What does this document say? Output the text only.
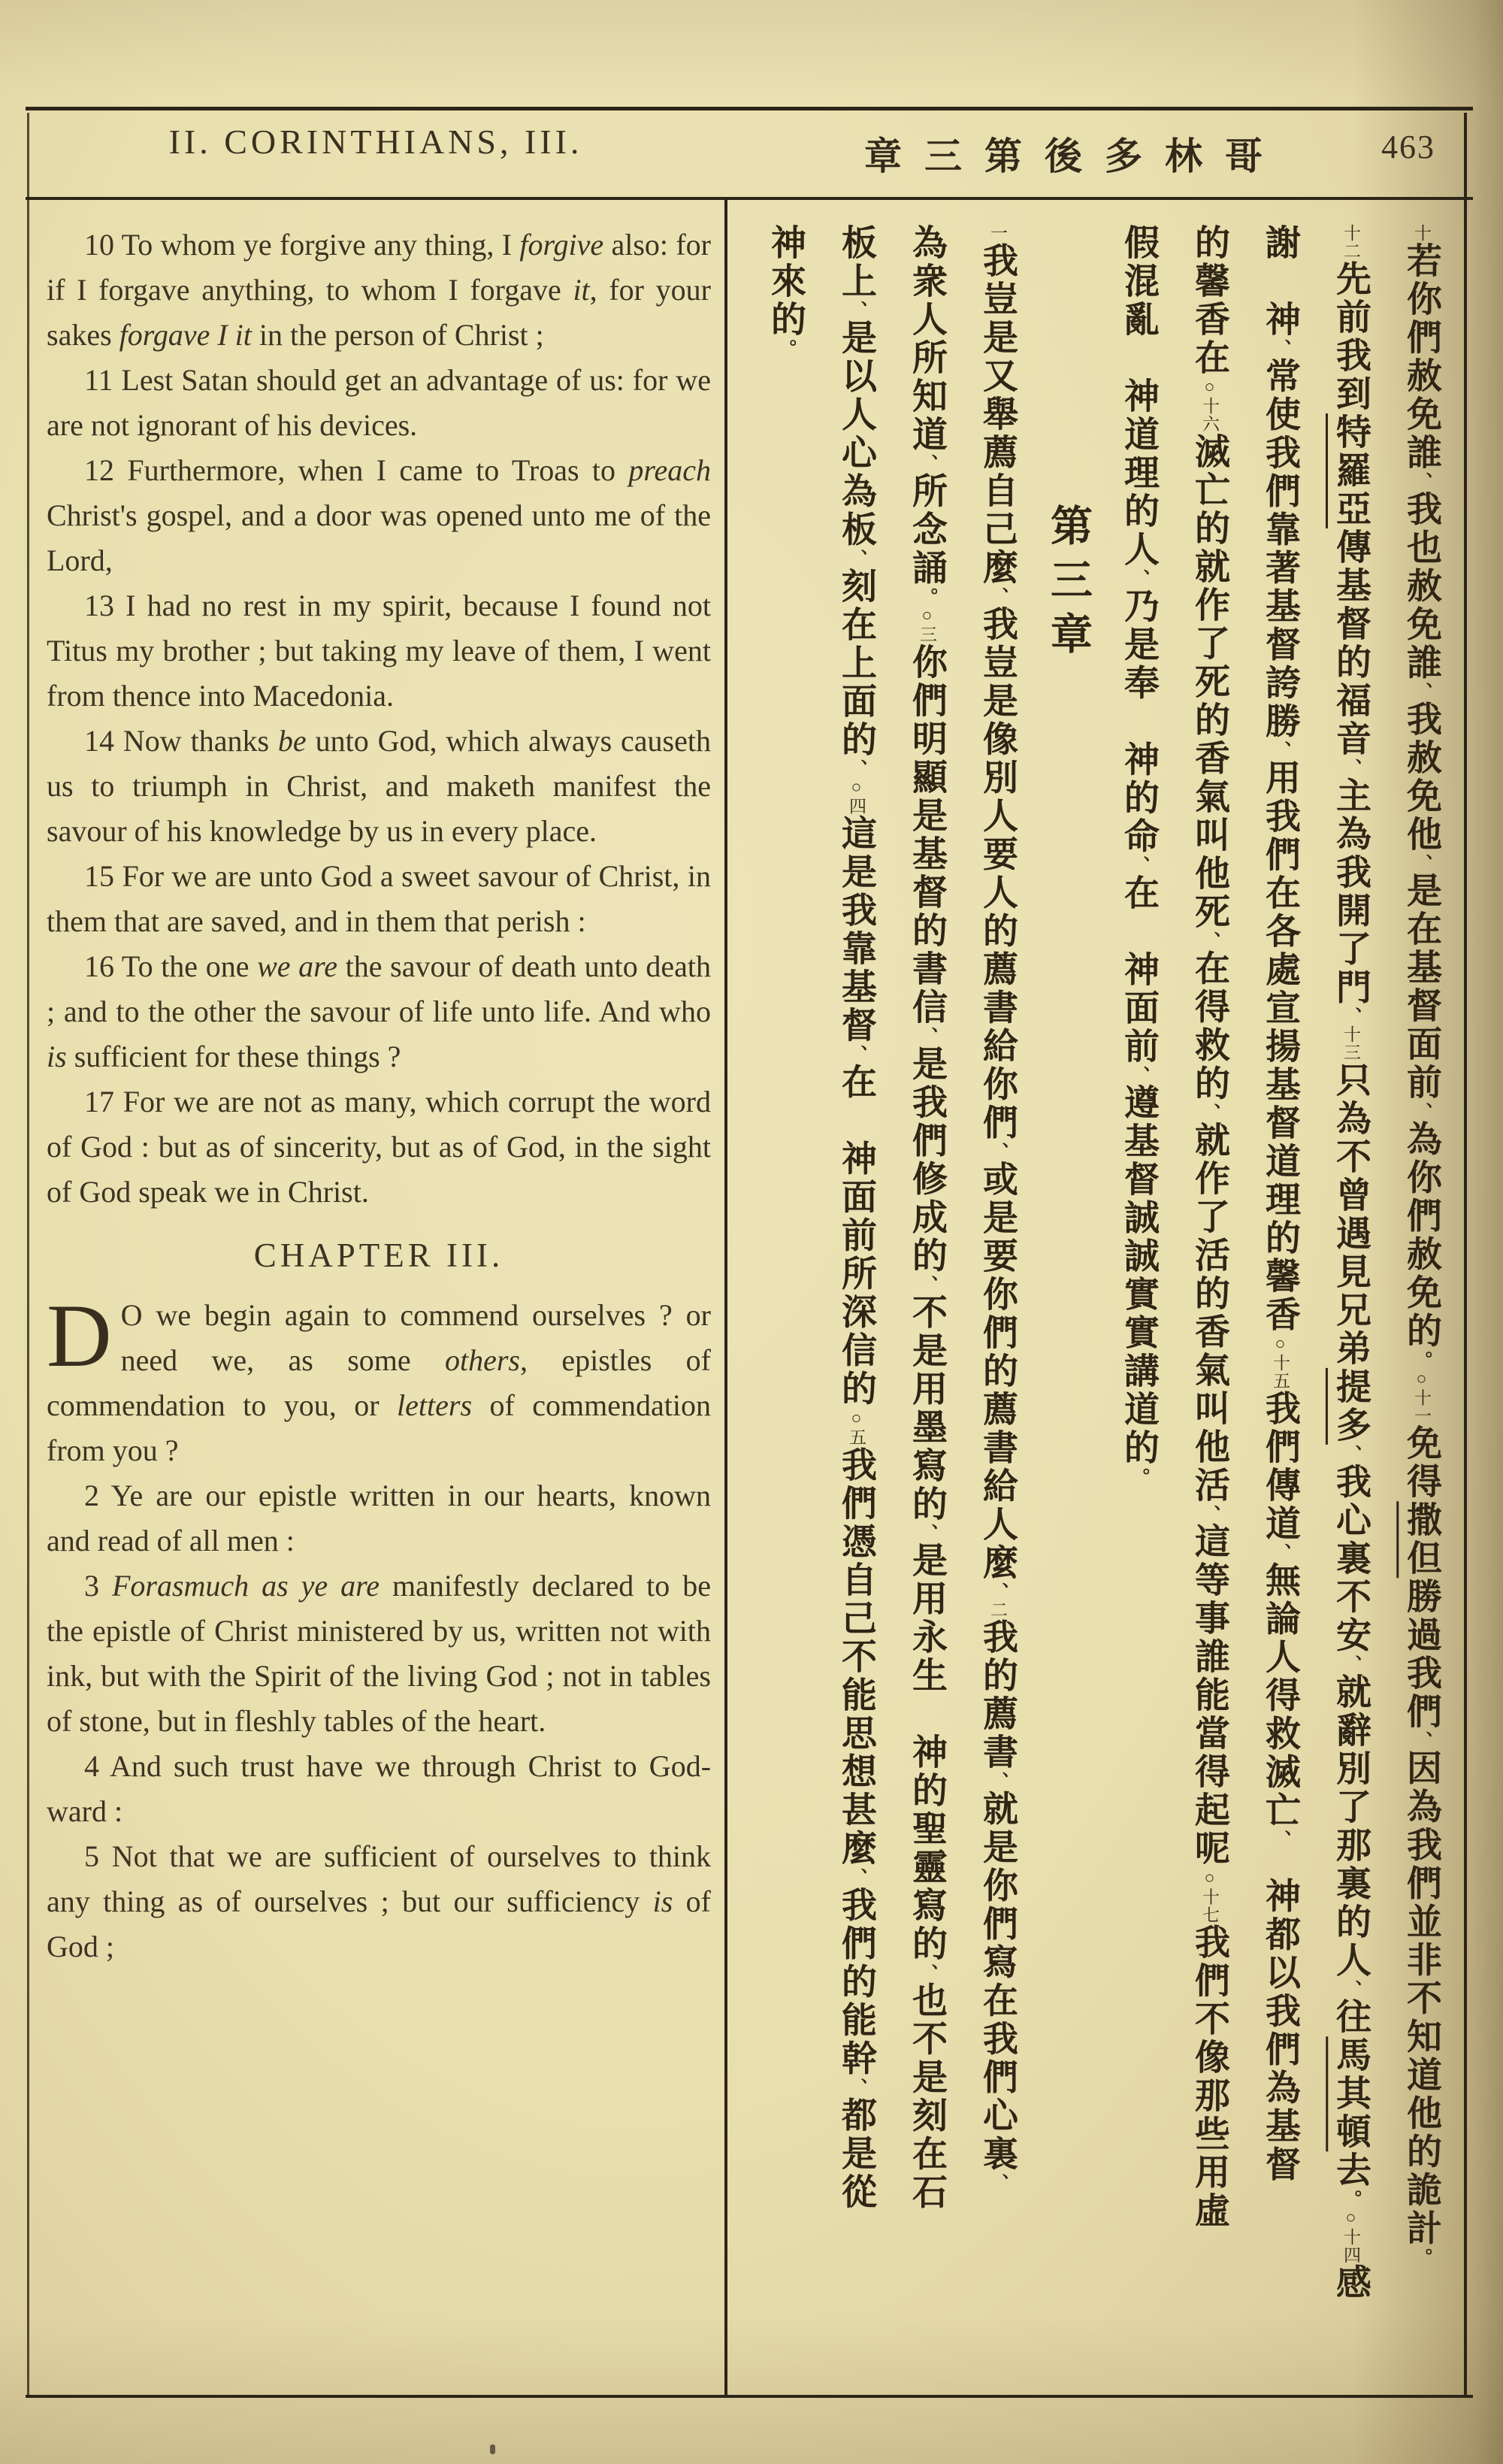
II. CORINTHIANS, III.	章三第後多林哥	463

10 To whom ye forgive any thing, I forgive also: for if I forgave anything, to whom I forgave it, for your sakes forgave I it in the person of Christ ;

11 Lest Satan should get an advantage of us: for we are not ignorant of his devices.

12 Furthermore, when I came to Troas to preach Christ's gospel, and a door was opened unto me of the Lord,

13 I had no rest in my spirit, because I found not Titus my brother ; but taking my leave of them, I went from thence into Macedonia.

14 Now thanks be unto God, which always causeth us to triumph in Christ, and maketh manifest the savour of his knowledge by us in every place.

15 For we are unto God a sweet savour of Christ, in them that are saved, and in them that perish :

16 To the one we are the savour of death unto death ; and to the other the savour of life unto life. And who is sufficient for these things ?

17 For we are not as many, which corrupt the word of God : but as of sincerity, but as of God, in the sight of God speak we in Christ.

CHAPTER III.

D O we begin again to commend ourselves ? or need we, as some others, epistles of commendation to you, or letters of commendation from you ?

2 Ye are our epistle written in our hearts, known and read of all men :

3 Forasmuch as ye are manifestly declared to be the epistle of Christ ministered by us, written not with ink, but with the Spirit of the living God ; not in tables of stone, but in fleshly tables of the heart.

4 And such trust have we through Christ to God-ward :

5 Not that we are sufficient of ourselves to think any thing as of ourselves ; but our sufficiency is of God ;

十若你們赦免誰、我也赦免誰、我赦免他、是在基督面前、為你們赦免的。○十一免得撒但勝過我們、因為我們並非不知道他的詭計。
十二先前我到特羅亞傳基督的福音、主為我開了門、十三只為不曾遇見兄弟提多、我心裏不安、就辭別了那裏的人、往馬其頓去。○十四感
謝　神、常使我們靠著基督誇勝、用我們在各處宣揚基督道理的馨香○十五我們傳道、無論人得救滅亡、　神都以我們為基督
的馨香在○十六滅亡的就作了死的香氣叫他死、在得救的、就作了活的香氣叫他活、這等事誰能當得起呢○十七我們不像那些用虛
假混亂　神道理的人、乃是奉　神的命、在　神面前、遵基督誠誠實實講道的。
第三章
一我豈是又舉薦自己麼、我豈是像別人要人的薦書給你們、或是要你們的薦書給人麼、二我的薦書、就是你們寫在我們心裏、
為衆人所知道、所念誦。○三你們明顯是基督的書信、是我們修成的、不是用墨寫的、是用永生　神的聖靈寫的、也不是刻在石
板上、是以人心為板、刻在上面的、○四這是我靠基督、在　神面前所深信的○五我們憑自己不能思想甚麼、我們的能幹、都是從
神來的。
